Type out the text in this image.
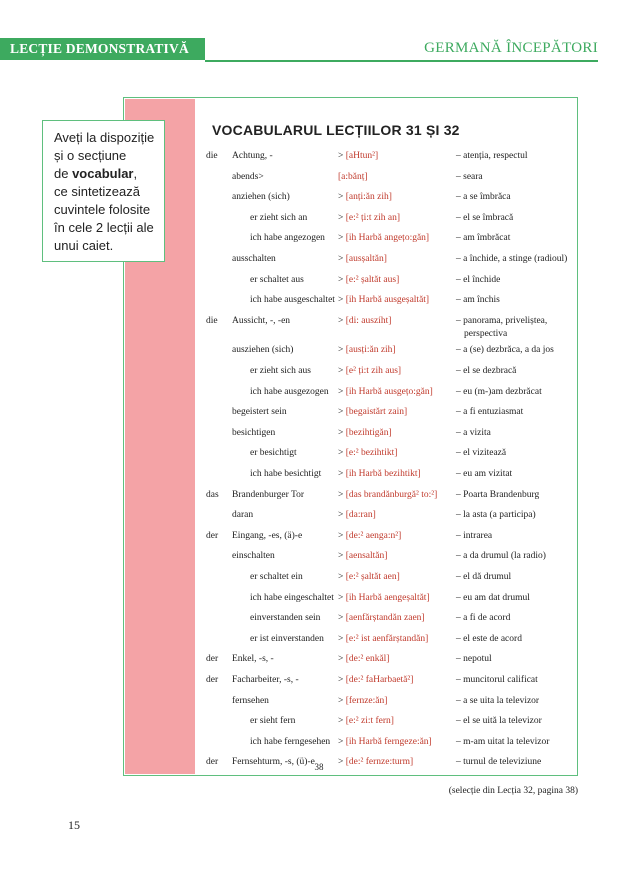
LECȚIE DEMONSTRATIVĂ	GERMANĂ ÎNCEPĂTORI
Aveți la dispoziție
și o secțiune
de vocabular,
ce sintetizează
cuvintele folosite
în cele 2 lecții ale
unui caiet.
VOCABULARUL LECȚIILOR 31 ȘI 32
die Achtung, -	> [aHtun²]	– atenția, respectul
abends>	[a:bănț]	– seara
anziehen (sich)	> [anți:ăn zih]	– a se îmbrăca
er zieht sich an	> [e:² ți:t zih an]	– el se îmbracă
ich habe angezogen > [ih Harbă angețo:găn]	– am îmbrăcat
ausschalten	> [ausșaltăn]	– a închide, a stinge (radioul)
er schaltet aus	> [e:² șaltăt aus]	– el închide
ich habe ausgeschaltet > [ih Harbă ausgeșaltăt]	– am închis
die Aussicht, -, -en	> [di: auszíht]	– panorama, priveliștea,
perspectiva
ausziehen (sich)	> [ausți:ăn zih]	– a (se) dezbrăca, a da jos
er zieht sich aus	> [e² ți:t zih aus]	– el se dezbracă
ich habe ausgezogen > [ih Harbă ausgețo:găn] – eu (m-)am dezbrăcat
begeistert sein	> [begaistărt zain]	– a fi entuziasmat
besichtigen	> [bezihtigăn]	– a vizita
er besichtigt	> [e:² bezihtikt]	– el vizitează
ich habe besichtigt > [ih Harbă bezihtikt]	– eu am vizitat
das Brandenburger Tor	> [das brandănburgă² to:²] – Poarta Brandenburg
daran	> [da:ran]	– la asta (a participa)
der Eingang, -es, (ä)-e	> [de:² aenga:n²]	– intrarea
einschalten	> [aensaltăn]	– a da drumul (la radio)
er schaltet ein	> [e:² șaltăt aen]	– el dă drumul
ich habe eingeschaltet > [ih Harbă aengeșaltăt]	– eu am dat drumul
einverstanden sein > [aenfărștandăn zaen]	– a fi de acord
er ist einverstanden > [e:² ist aenfărștandăn]	– el este de acord
der Enkel, -s, -	> [de:² enkăl]	– nepotul
der Facharbeiter, -s, -	> [de:² faHarbaetă²]	– muncitorul calificat
fernsehen	> [fernze:ăn]	– a se uita la televizor
er sieht fern	> [e:² zi:t fern]	– el se uită la televizor
ich habe ferngesehen > [ih Harbă ferngeze:ăn]	– m-am uitat la televizor
der Fernsehturm, -s, (ü)-e > [de:² fernze:turm]	– turnul de televiziune
38
(selecție din Lecția 32, pagina 38)
15
